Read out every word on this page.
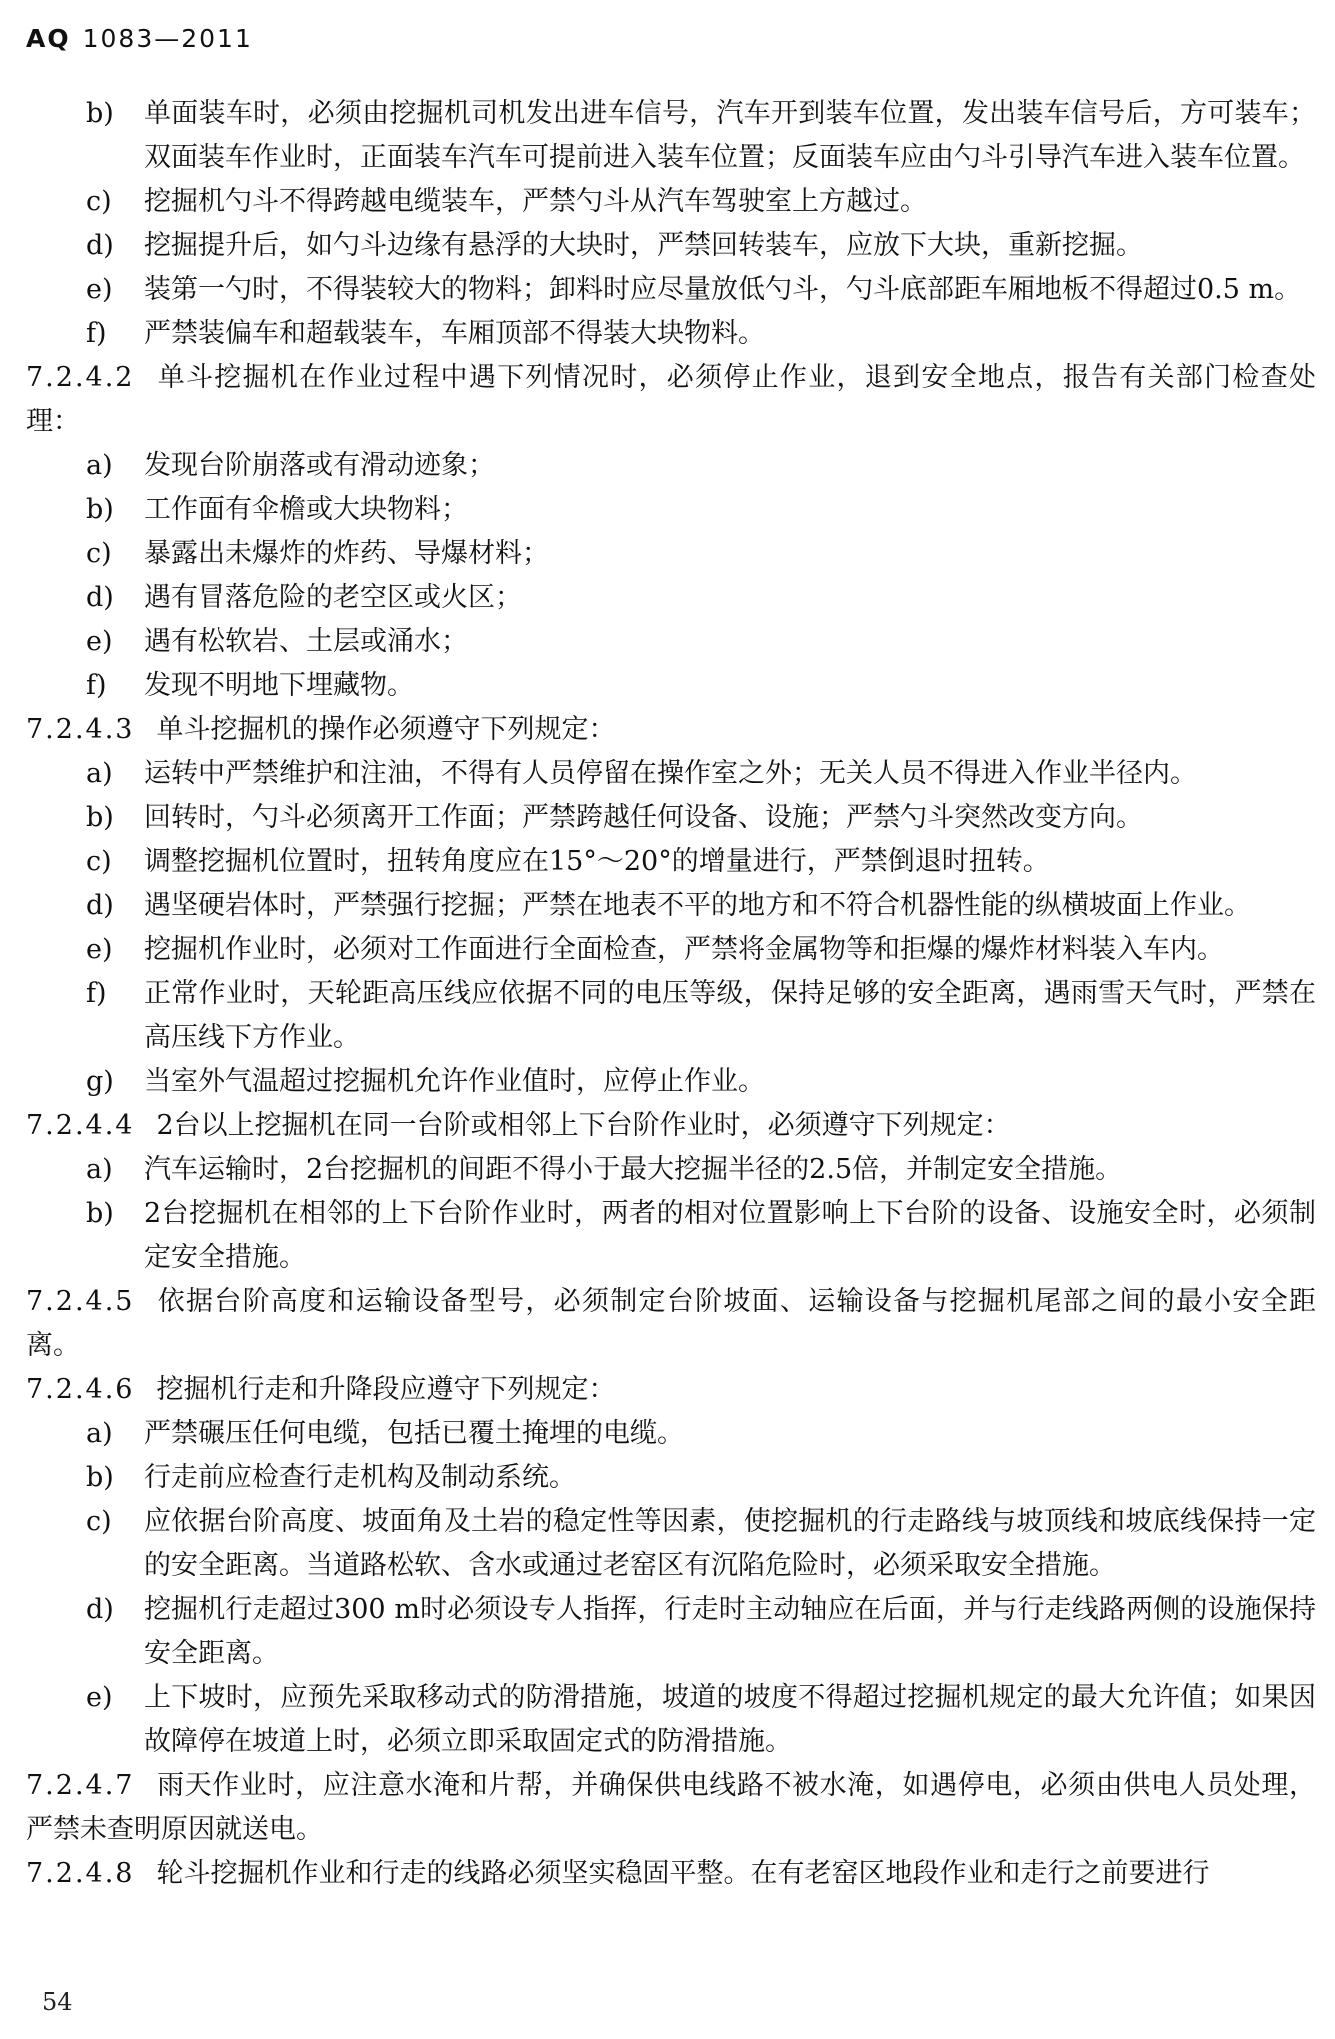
AQ 1083—2011
b) 单面装车时，必须由挖掘机司机发出进车信号，汽车开到装车位置，发出装车信号后，方可装车；双面装车作业时，正面装车汽车可提前进入装车位置；反面装车应由勺斗引导汽车进入装车位置。
c) 挖掘机勺斗不得跨越电缆装车，严禁勺斗从汽车驾驶室上方越过。
d) 挖掘提升后，如勺斗边缘有悬浮的大块时，严禁回转装车，应放下大块，重新挖掘。
e) 装第一勺时，不得装较大的物料；卸料时应尽量放低勺斗，勺斗底部距车厢地板不得超过0.5 m。
f) 严禁装偏车和超载装车，车厢顶部不得装大块物料。
7.2.4.2 单斗挖掘机在作业过程中遇下列情况时，必须停止作业，退到安全地点，报告有关部门检查处理：
a) 发现台阶崩落或有滑动迹象；
b) 工作面有伞檐或大块物料；
c) 暴露出未爆炸的炸药、导爆材料；
d) 遇有冒落危险的老空区或火区；
e) 遇有松软岩、土层或涌水；
f) 发现不明地下埋藏物。
7.2.4.3 单斗挖掘机的操作必须遵守下列规定：
a) 运转中严禁维护和注油，不得有人员停留在操作室之外；无关人员不得进入作业半径内。
b) 回转时，勺斗必须离开工作面；严禁跨越任何设备、设施；严禁勺斗突然改变方向。
c) 调整挖掘机位置时，扭转角度应在15°～20°的增量进行，严禁倒退时扭转。
d) 遇坚硬岩体时，严禁强行挖掘；严禁在地表不平的地方和不符合机器性能的纵横坡面上作业。
e) 挖掘机作业时，必须对工作面进行全面检查，严禁将金属物等和拒爆的爆炸材料装入车内。
f) 正常作业时，天轮距高压线应依据不同的电压等级，保持足够的安全距离，遇雨雪天气时，严禁在高压线下方作业。
g) 当室外气温超过挖掘机允许作业值时，应停止作业。
7.2.4.4 2台以上挖掘机在同一台阶或相邻上下台阶作业时，必须遵守下列规定：
a) 汽车运输时，2台挖掘机的间距不得小于最大挖掘半径的2.5倍，并制定安全措施。
b) 2台挖掘机在相邻的上下台阶作业时，两者的相对位置影响上下台阶的设备、设施安全时，必须制定安全措施。
7.2.4.5 依据台阶高度和运输设备型号，必须制定台阶坡面、运输设备与挖掘机尾部之间的最小安全距离。
7.2.4.6 挖掘机行走和升降段应遵守下列规定：
a) 严禁碾压任何电缆，包括已覆土掩埋的电缆。
b) 行走前应检查行走机构及制动系统。
c) 应依据台阶高度、坡面角及土岩的稳定性等因素，使挖掘机的行走路线与坡顶线和坡底线保持一定的安全距离。当道路松软、含水或通过老窑区有沉陷危险时，必须采取安全措施。
d) 挖掘机行走超过300 m时必须设专人指挥，行走时主动轴应在后面，并与行走线路两侧的设施保持安全距离。
e) 上下坡时，应预先采取移动式的防滑措施，坡道的坡度不得超过挖掘机规定的最大允许值；如果因故障停在坡道上时，必须立即采取固定式的防滑措施。
7.2.4.7 雨天作业时，应注意水淹和片帮，并确保供电线路不被水淹，如遇停电，必须由供电人员处理，严禁未查明原因就送电。
7.2.4.8 轮斗挖掘机作业和行走的线路必须坚实稳固平整。在有老窑区地段作业和走行之前要进行
54
